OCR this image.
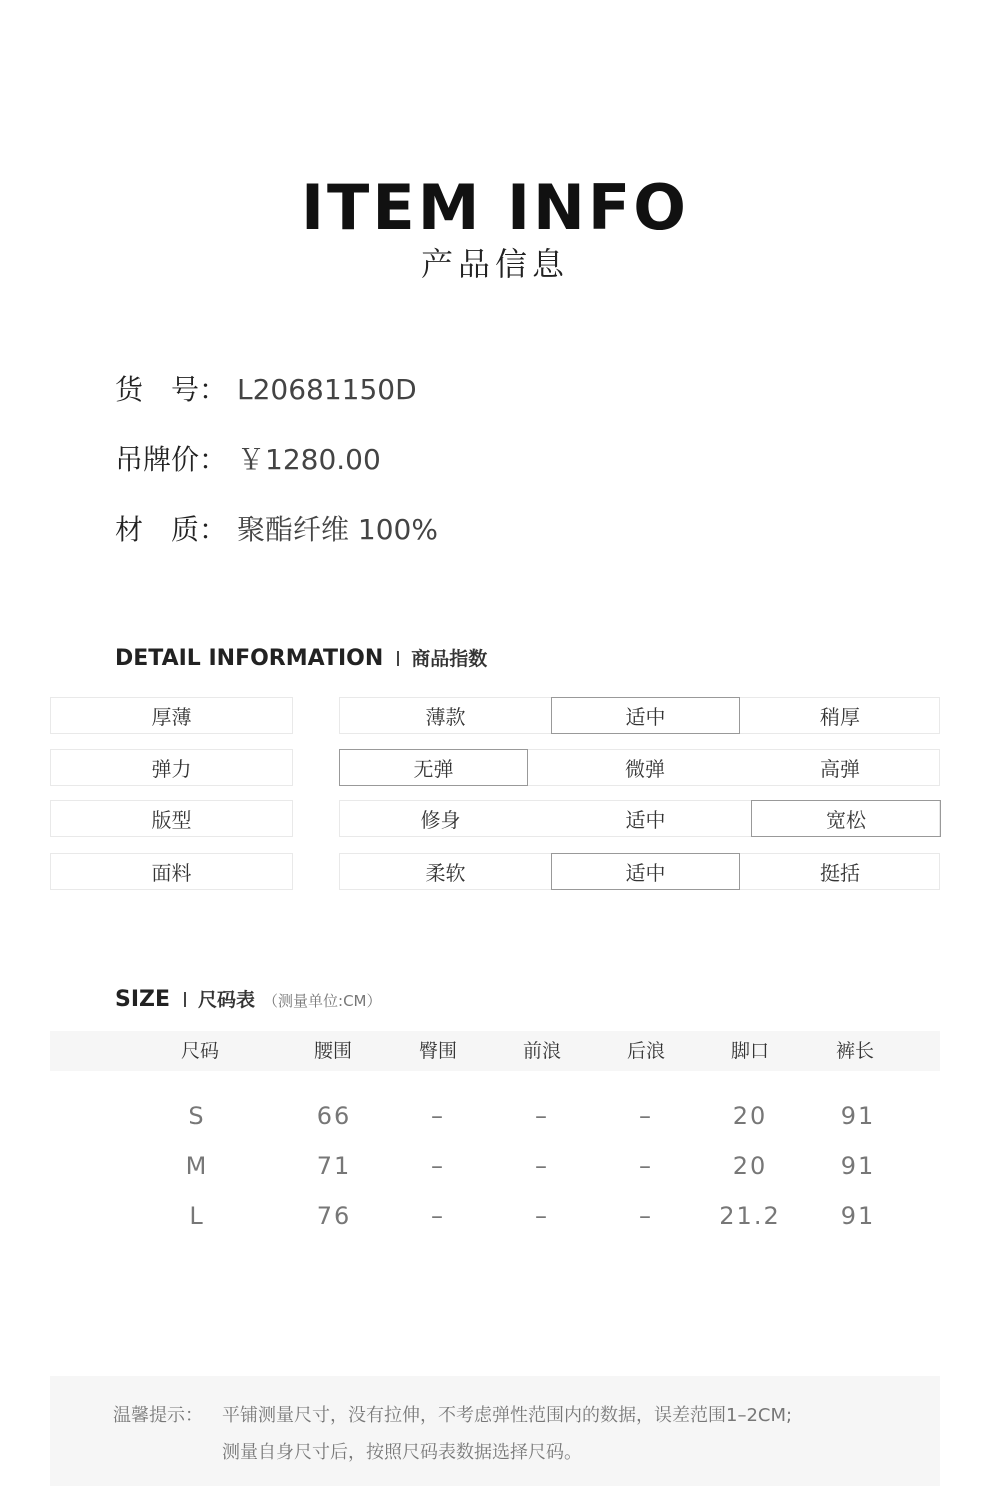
ITEM INFO
产品信息
货　号： L20681150D
吊牌价： ￥1280.00
材　质： 聚酯纤维 100%
DETAIL INFORMATION 商品指数
厚薄	薄款	适中	稍厚
弹力	无弹	微弹	高弹
版型	修身	适中	宽松
面料	柔软	适中	挺括
SIZE 尺码表 （测量单位:CM）
尺码	腰围	臀围	前浪	后浪	脚口	裤长
S	66	–	–	–	20	91
M	71	–	–	–	20	91
L	76	–	–	–	21.2	91
温馨提示： 平铺测量尺寸，没有拉伸，不考虑弹性范围内的数据，误差范围1–2CM;
测量自身尺寸后，按照尺码表数据选择尺码。
